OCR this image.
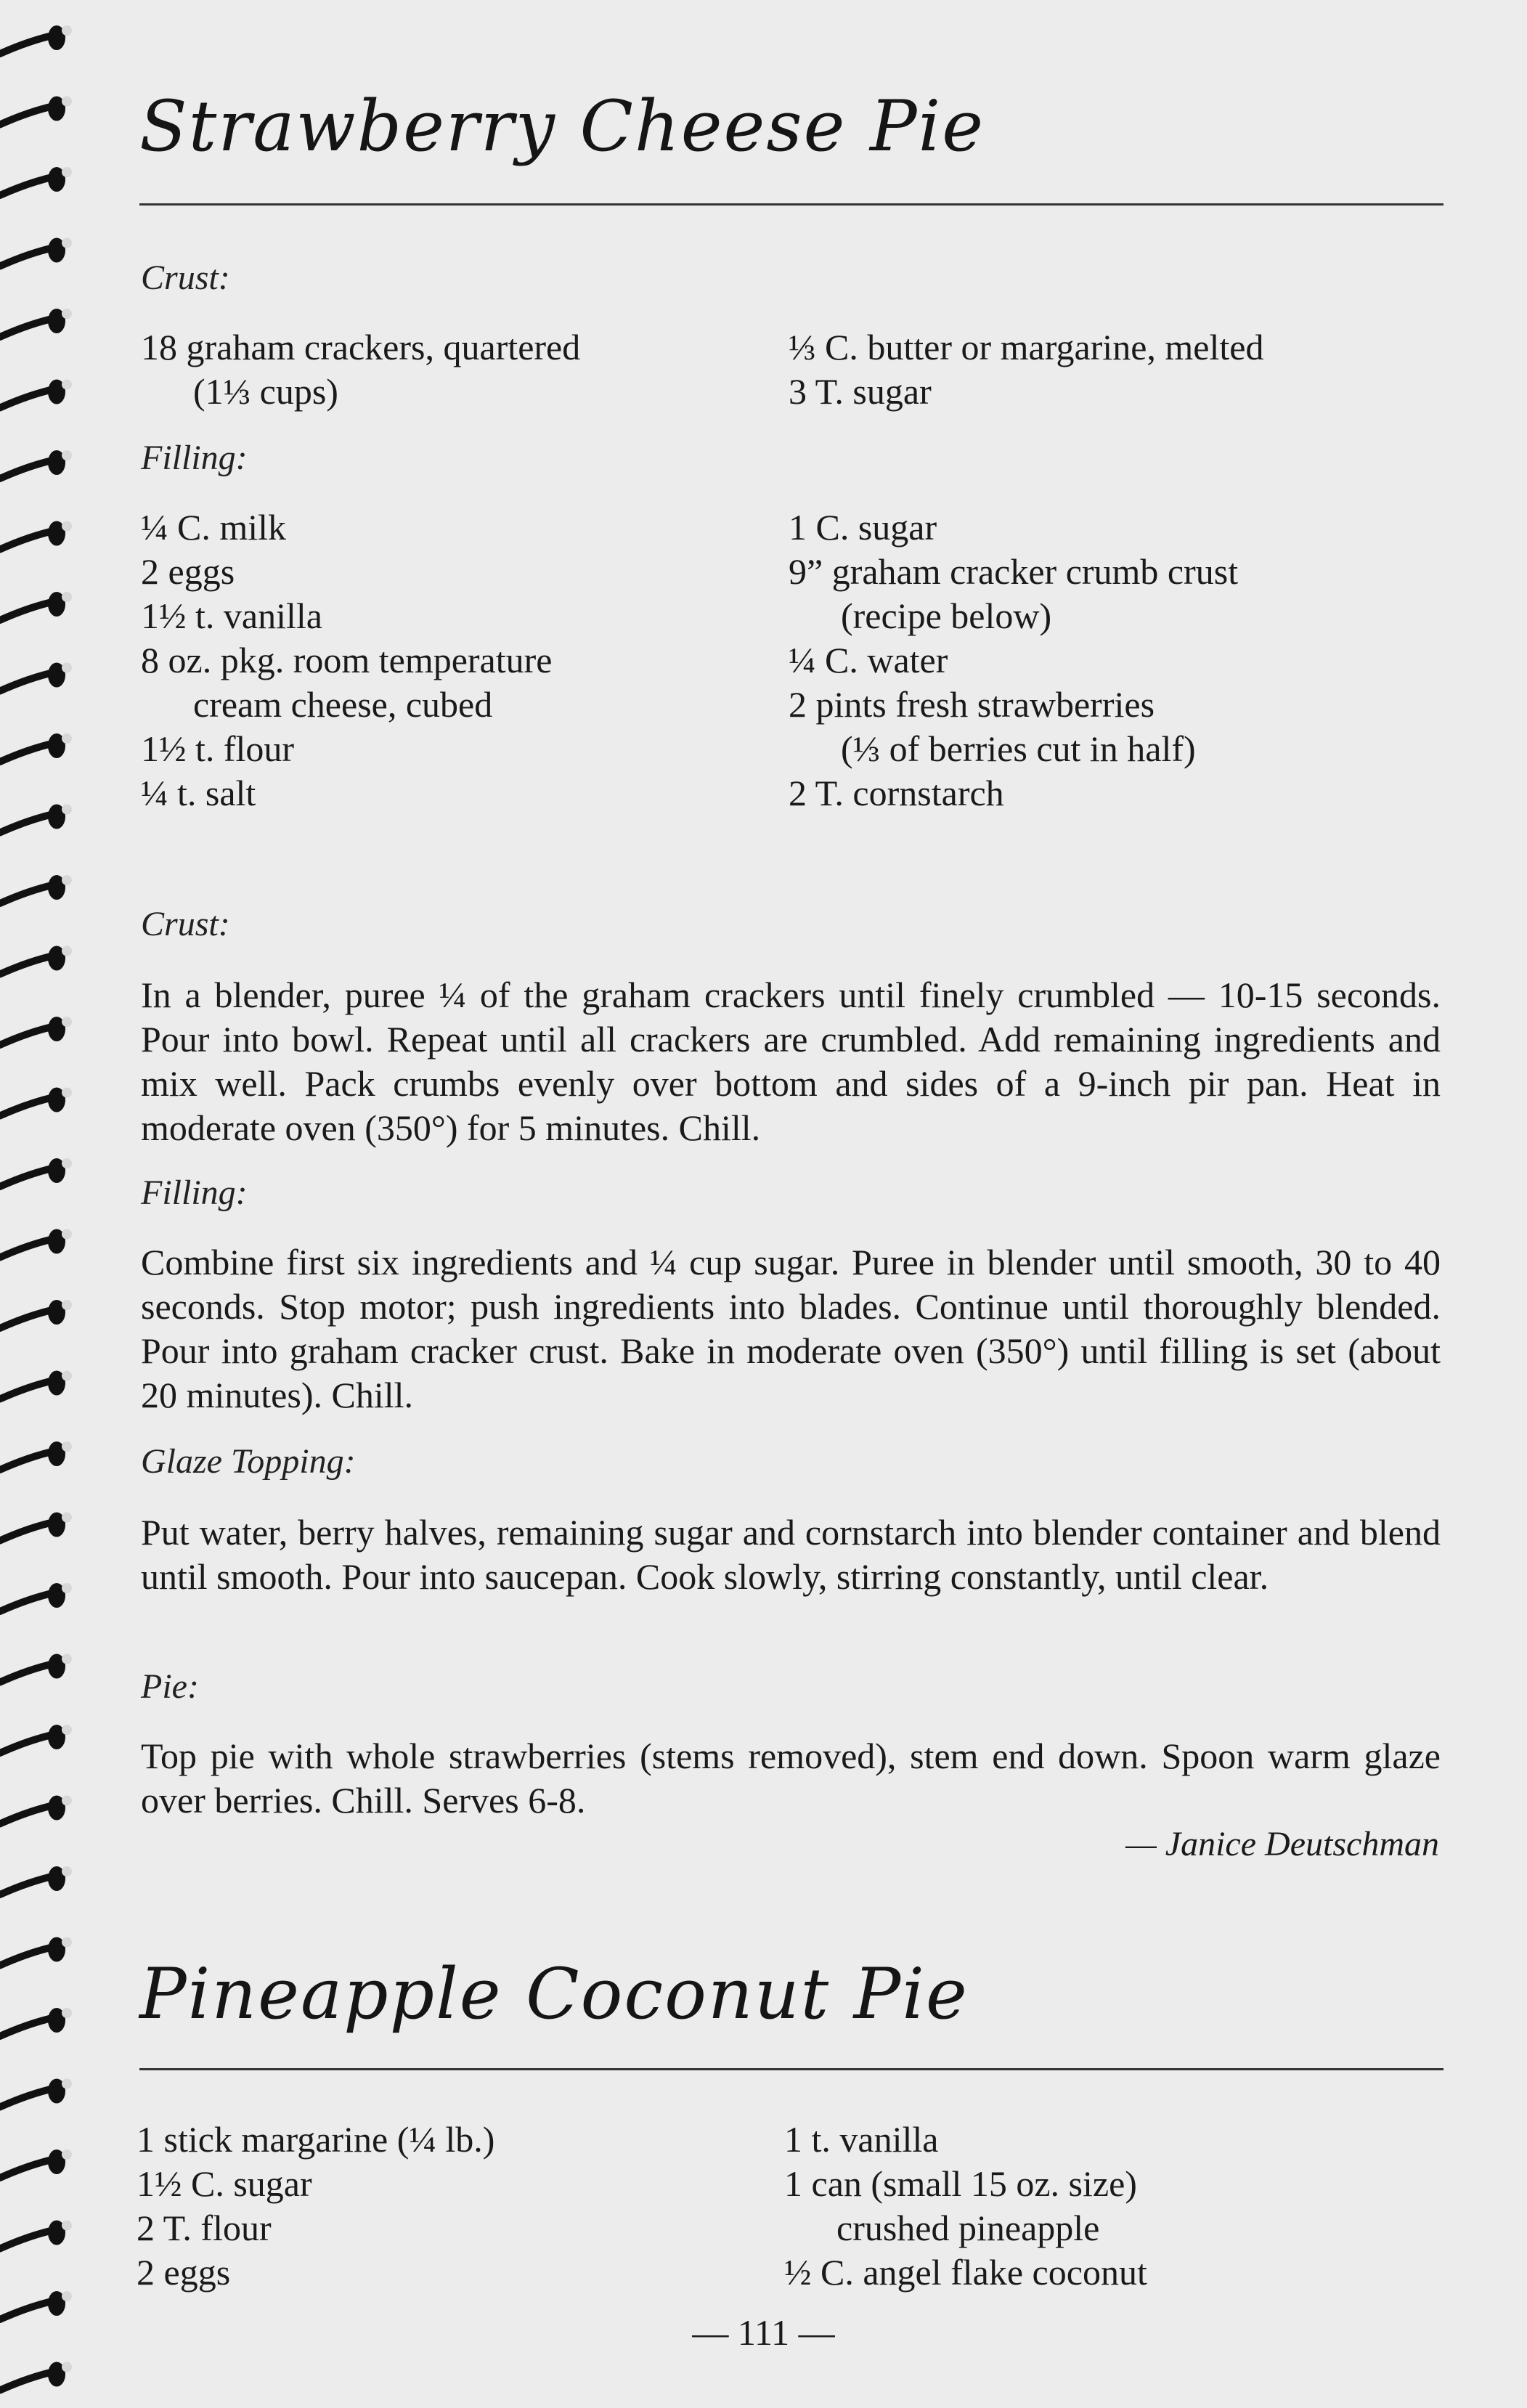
Strawberry Cheese Pie

Crust:

18 graham crackers, quartered
(1⅓ cups)
⅓ C. butter or margarine, melted
3 T. sugar

Filling:

¼ C. milk
2 eggs
1½ t. vanilla
8 oz. pkg. room temperature
cream cheese, cubed
1½ t. flour
¼ t. salt
1 C. sugar
9” graham cracker crumb crust
(recipe below)
¼ C. water
2 pints fresh strawberries
(⅓ of berries cut in half)
2 T. cornstarch

Crust:

In a blender, puree ¼ of the graham crackers until finely crumbled — 10-15 seconds. Pour into bowl. Repeat until all crackers are crumbled. Add remaining ingredients and mix well. Pack crumbs evenly over bottom and sides of a 9-inch pir pan. Heat in moderate oven (350°) for 5 minutes. Chill.

Filling:

Combine first six ingredients and ¼ cup sugar. Puree in blender until smooth, 30 to 40 seconds. Stop motor; push ingredients into blades. Continue until thoroughly blended. Pour into graham cracker crust. Bake in moderate oven (350°) until filling is set (about 20 minutes). Chill.

Glaze Topping:

Put water, berry halves, remaining sugar and cornstarch into blender container and blend until smooth. Pour into saucepan. Cook slowly, stirring constantly, until clear.

Pie:

Top pie with whole strawberries (stems removed), stem end down. Spoon warm glaze over berries. Chill. Serves 6-8.

— Janice Deutschman

Pineapple Coconut Pie
1 stick margarine (¼ lb.)
1½ C. sugar
2 T. flour
2 eggs
1 t. vanilla
1 can (small 15 oz. size)
crushed pineapple
½ C. angel flake coconut

— 111 —
